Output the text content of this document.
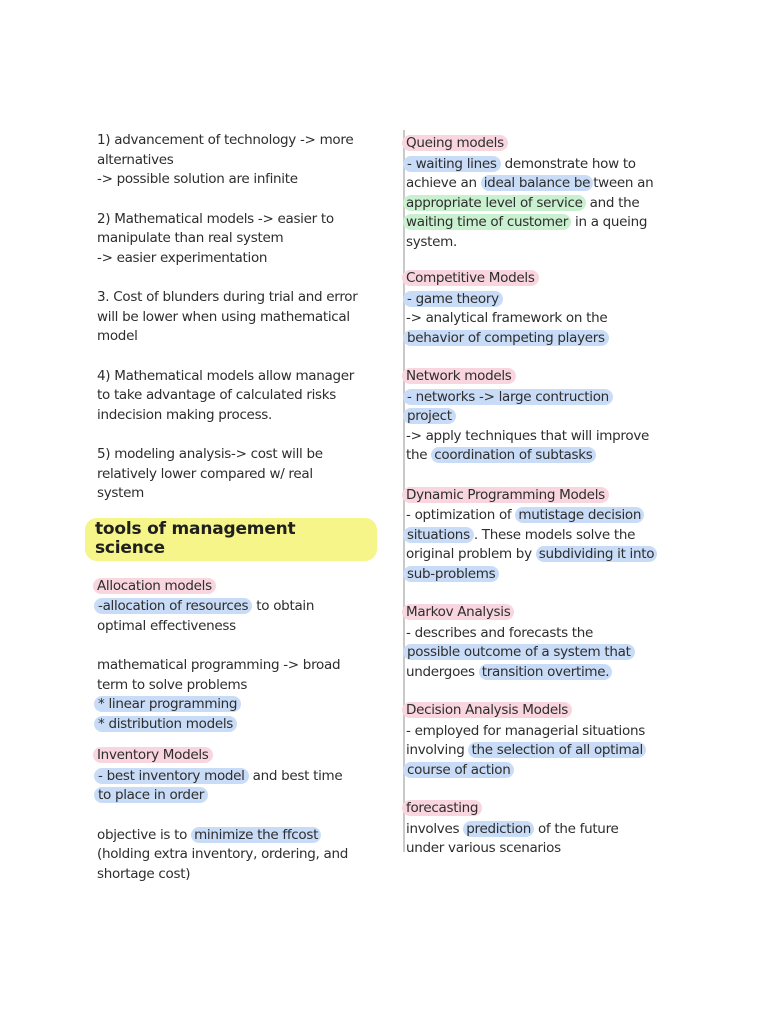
1) advancement of technology -> more
alternatives
-> possible solution are infinite
2) Mathematical models -> easier to
manipulate than real system
-> easier experimentation
3. Cost of blunders during trial and error
will be lower when using mathematical
model
4) Mathematical models allow manager
to take advantage of calculated risks
indecision making process.
5) modeling analysis-> cost will be
relatively lower compared w/ real
system
tools of management science
Allocation models
-allocation of resources to obtain
optimal effectiveness
mathematical programming -> broad
term to solve problems
* linear programming
* distribution models
Inventory Models
- best inventory model and best time
to place in order
objective is to minimize the ffcost
(holding extra inventory, ordering, and
shortage cost)
Queing models
- waiting lines demonstrate how to
achieve an ideal balance be tween an
appropriate level of service and the
waiting time of customer in a queing
system.
Competitive Models
- game theory
-> analytical framework on the
behavior of competing players
Network models
- networks -> large contruction
project
-> apply techniques that will improve
the coordination of subtasks
Dynamic Programming Models
- optimization of mutistage decision
situations . These models solve the
original problem by subdividing it into
sub-problems
Markov Analysis
- describes and forecasts the
possible outcome of a system that
undergoes transition overtime.
Decision Analysis Models
- employed for managerial situations
involving the selection of all optimal
course of action
forecasting
involves prediction of the future
under various scenarios
